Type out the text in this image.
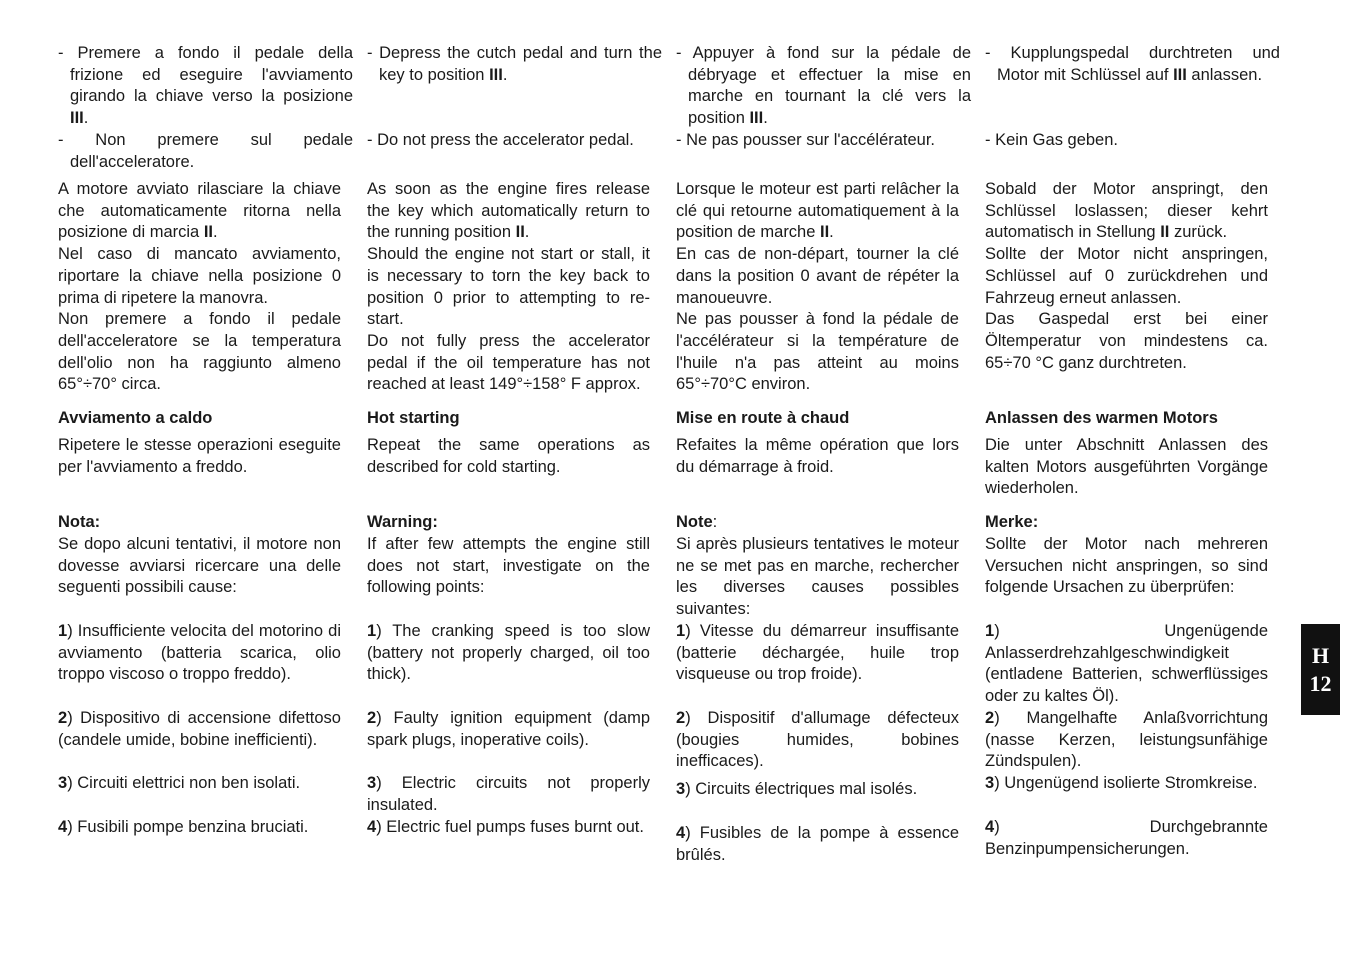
- Premere a fondo il pedale della frizione ed eseguire l'avviamento girando la chiave verso la posizione III.

- Non premere sul pedale dell'acceleratore.

A motore avviato rilasciare la chiave che automaticamente ritorna nella posizione di marcia II.

Nel caso di mancato avviamento, riportare la chiave nella posizione 0 prima di ripetere la manovra.

Non premere a fondo il pedale dell'acceleratore se la temperatura dell'olio non ha raggiunto almeno 65°÷70° circa.

Avviamento a caldo

Ripetere le stesse operazioni eseguite per l'avviamento a freddo.

Nota:

Se dopo alcuni tentativi, il motore non dovesse avviarsi ricercare una delle seguenti possibili cause:

1) Insufficiente velocita del motorino di avviamento (batteria scarica, olio troppo viscoso o troppo freddo).

2) Dispositivo di accensione difettoso (candele umide, bobine inefficienti).

3) Circuiti elettrici non ben isolati.

4) Fusibili pompe benzina bruciati.

- Depress the cutch pedal and turn the key to position III.

- Do not press the accelerator pedal.

As soon as the engine fires release the key which automatically return to the running position II.

Should the engine not start or stall, it is necessary to torn the key back to position 0 prior to attempting to re-start.

Do not fully press the accelerator pedal if the oil temperature has not reached at least 149°÷158° F approx.

Hot starting

Repeat the same operations as described for cold starting.

Warning:

If after few attempts the engine still does not start, investigate on the following points:

1) The cranking speed is too slow (battery not properly charged, oil too thick).

2) Faulty ignition equipment (damp spark plugs, inoperative coils).

3) Electric circuits not properly insulated.

4) Electric fuel pumps fuses burnt out.

- Appuyer à fond sur la pédale de débryage et effectuer la mise en marche en tournant la clé vers la position III.

- Ne pas pousser sur l'accélérateur.

Lorsque le moteur est parti relâcher la clé qui retourne automatiquement à la position de marche II.

En cas de non-départ, tourner la clé dans la position 0 avant de répéter la manoueuvre.

Ne pas pousser à fond la pédale de l'accélérateur si la température de l'huile n'a pas atteint au moins 65°÷70°C environ.

Mise en route à chaud

Refaites la même opération que lors du démarrage à froid.

Note:

Si après plusieurs tentatives le moteur ne se met pas en marche, rechercher les diverses causes possibles suivantes:

1) Vitesse du démarreur insuffisante (batterie déchargée, huile trop visqueuse ou trop froide).

2) Dispositif d'allumage défecteux (bougies humides, bobines inefficaces).

3) Circuits électriques mal isolés.

4) Fusibles de la pompe à essence brûlés.

- Kupplungspedal durchtreten und Motor mit Schlüssel auf III anlassen.

- Kein Gas geben.

Sobald der Motor anspringt, den Schlüssel loslassen; dieser kehrt automatisch in Stellung II zurück.

Sollte der Motor nicht anspringen, Schlüssel auf 0 zurückdrehen und Fahrzeug erneut anlassen.

Das Gaspedal erst bei einer Öltemperatur von mindestens ca. 65÷70 °C ganz durchtreten.

Anlassen des warmen Motors

Die unter Abschnitt Anlassen des kalten Motors ausgeführten Vorgänge wiederholen.

Merke:

Sollte der Motor nach mehreren Versuchen nicht anspringen, so sind folgende Ursachen zu überprüfen:

1) Ungenügende Anlasserdrehzahlgeschwindigkeit (entladene Batterien, schwerflüssiges oder zu kaltes Öl).

2) Mangelhafte Anlaßvorrichtung (nasse Kerzen, leistungsunfähige Zündspulen).

3) Ungenügend isolierte Stromkreise.

4) Durchgebrannte Benzinpumpensicherungen.

H
12
